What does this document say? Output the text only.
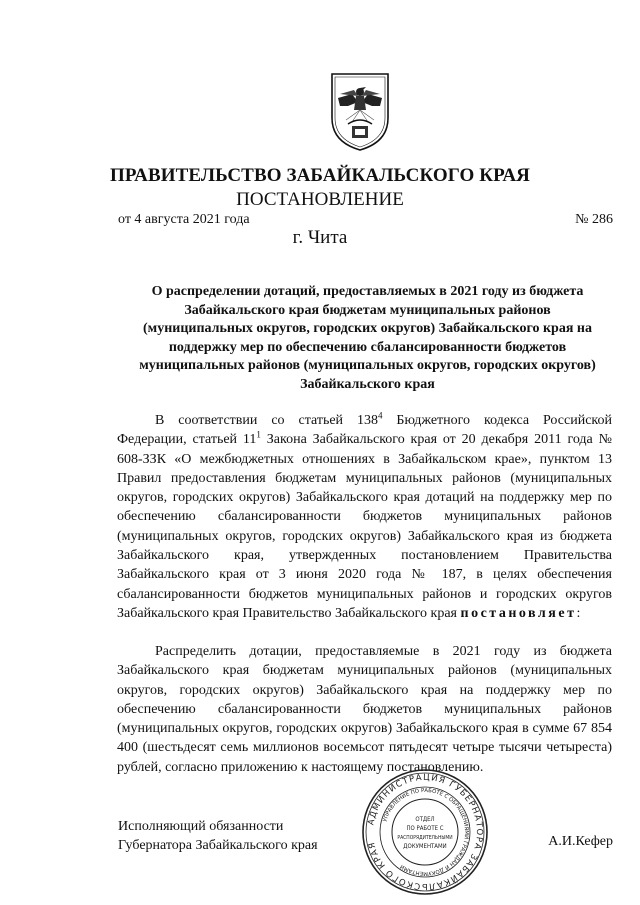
ПРАВИТЕЛЬСТВО ЗАБАЙКАЛЬСКОГО КРАЯ
ПОСТАНОВЛЕНИЕ
от 4 августа 2021 года	№ 286
г. Чита
О распределении дотаций, предоставляемых в 2021 году из бюджета
Забайкальского края бюджетам муниципальных районов
(муниципальных округов, городских округов) Забайкальского края на
поддержку мер по обеспечению сбалансированности бюджетов
муниципальных районов (муниципальных округов, городских округов)
Забайкальского края
В соответствии со статьей $138^4$ Бюджетного кодекса Российской Федерации, статьей $11^1$ Закона Забайкальского края от 20 декабря 2011 года № 608-ЗЗК «О межбюджетных отношениях в Забайкальском крае», пунктом 13 Правил предоставления бюджетам муниципальных районов (муниципальных округов, городских округов) Забайкальского края дотаций на поддержку мер по обеспечению сбалансированности бюджетов муниципальных районов (муниципальных округов, городских округов) Забайкальского края из бюджета Забайкальского края, утвержденных постановлением Правительства Забайкальского края от 3 июня 2020 года № 187, в целях обеспечения сбалансированности бюджетов муниципальных районов и городских округов Забайкальского края Правительство Забайкальского края постановляет:
Распределить дотации, предоставляемые в 2021 году из бюджета Забайкальского края бюджетам муниципальных районов (муниципальных округов, городских округов) Забайкальского края на поддержку мер по обеспечению сбалансированности бюджетов муниципальных районов (муниципальных округов, городских округов) Забайкальского края в сумме 67 854 400 (шестьдесят семь миллионов восемьсот пятьдесят четыре тысячи четыреста) рублей, согласно приложению к настоящему постановлению.
Исполняющий обязанности
Губернатора Забайкальского края	А.И.Кефер
АДМИНИСТРАЦИЯ ГУБЕРНАТОРА ЗАБАЙКАЛЬСКОГО КРАЯ
УПРАВЛЕНИЕ ПО РАБОТЕ С ОБРАЩЕНИЯМИ ГРАЖДАН И ДОКУМЕНТАМИ
ОТДЕЛ
ПО РАБОТЕ С
РАСПОРЯДИТЕЛЬНЫМИ
ДОКУМЕНТАМИ
